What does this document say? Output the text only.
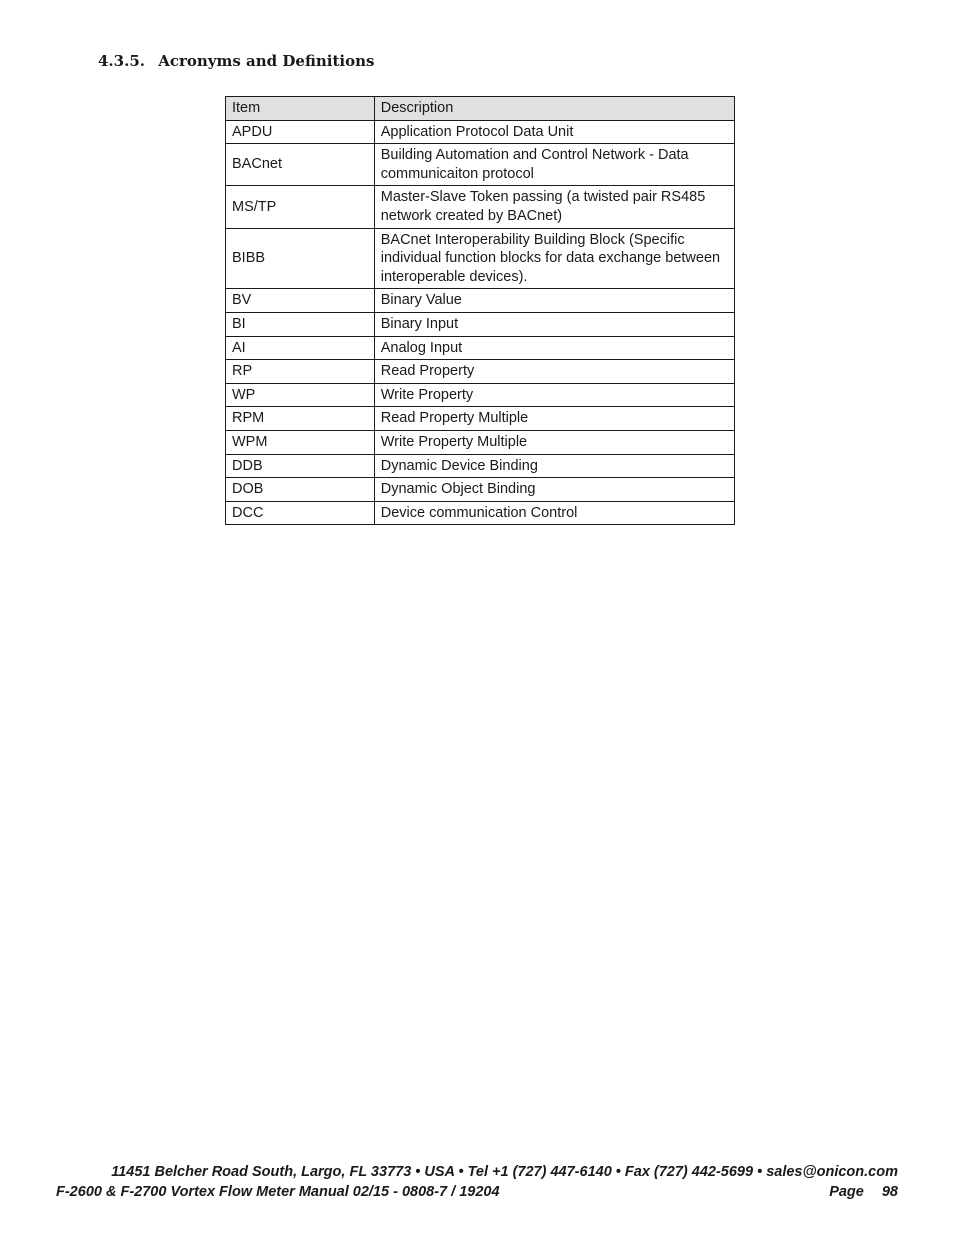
4.3.5. Acronyms and Definitions
Item	Description
APDU	Application Protocol Data Unit
BACnet	Building Automation and Control Network - Data communicaiton protocol
MS/TP	Master-Slave Token passing (a twisted pair RS485 network created by BACnet)
BIBB	BACnet Interoperability Building Block (Specific individual function blocks for data exchange between interoperable devices).
BV	Binary Value
BI	Binary Input
AI	Analog Input
RP	Read Property
WP	Write Property
RPM	Read Property Multiple
WPM	Write Property Multiple
DDB	Dynamic Device Binding
DOB	Dynamic Object Binding
DCC	Device communication Control
11451 Belcher Road South, Largo, FL 33773 • USA • Tel +1 (727) 447-6140 • Fax (727) 442-5699 • sales@onicon.com
F-2600 & F-2700 Vortex Flow Meter Manual 02/15 - 0808-7 / 19204	Page 98
